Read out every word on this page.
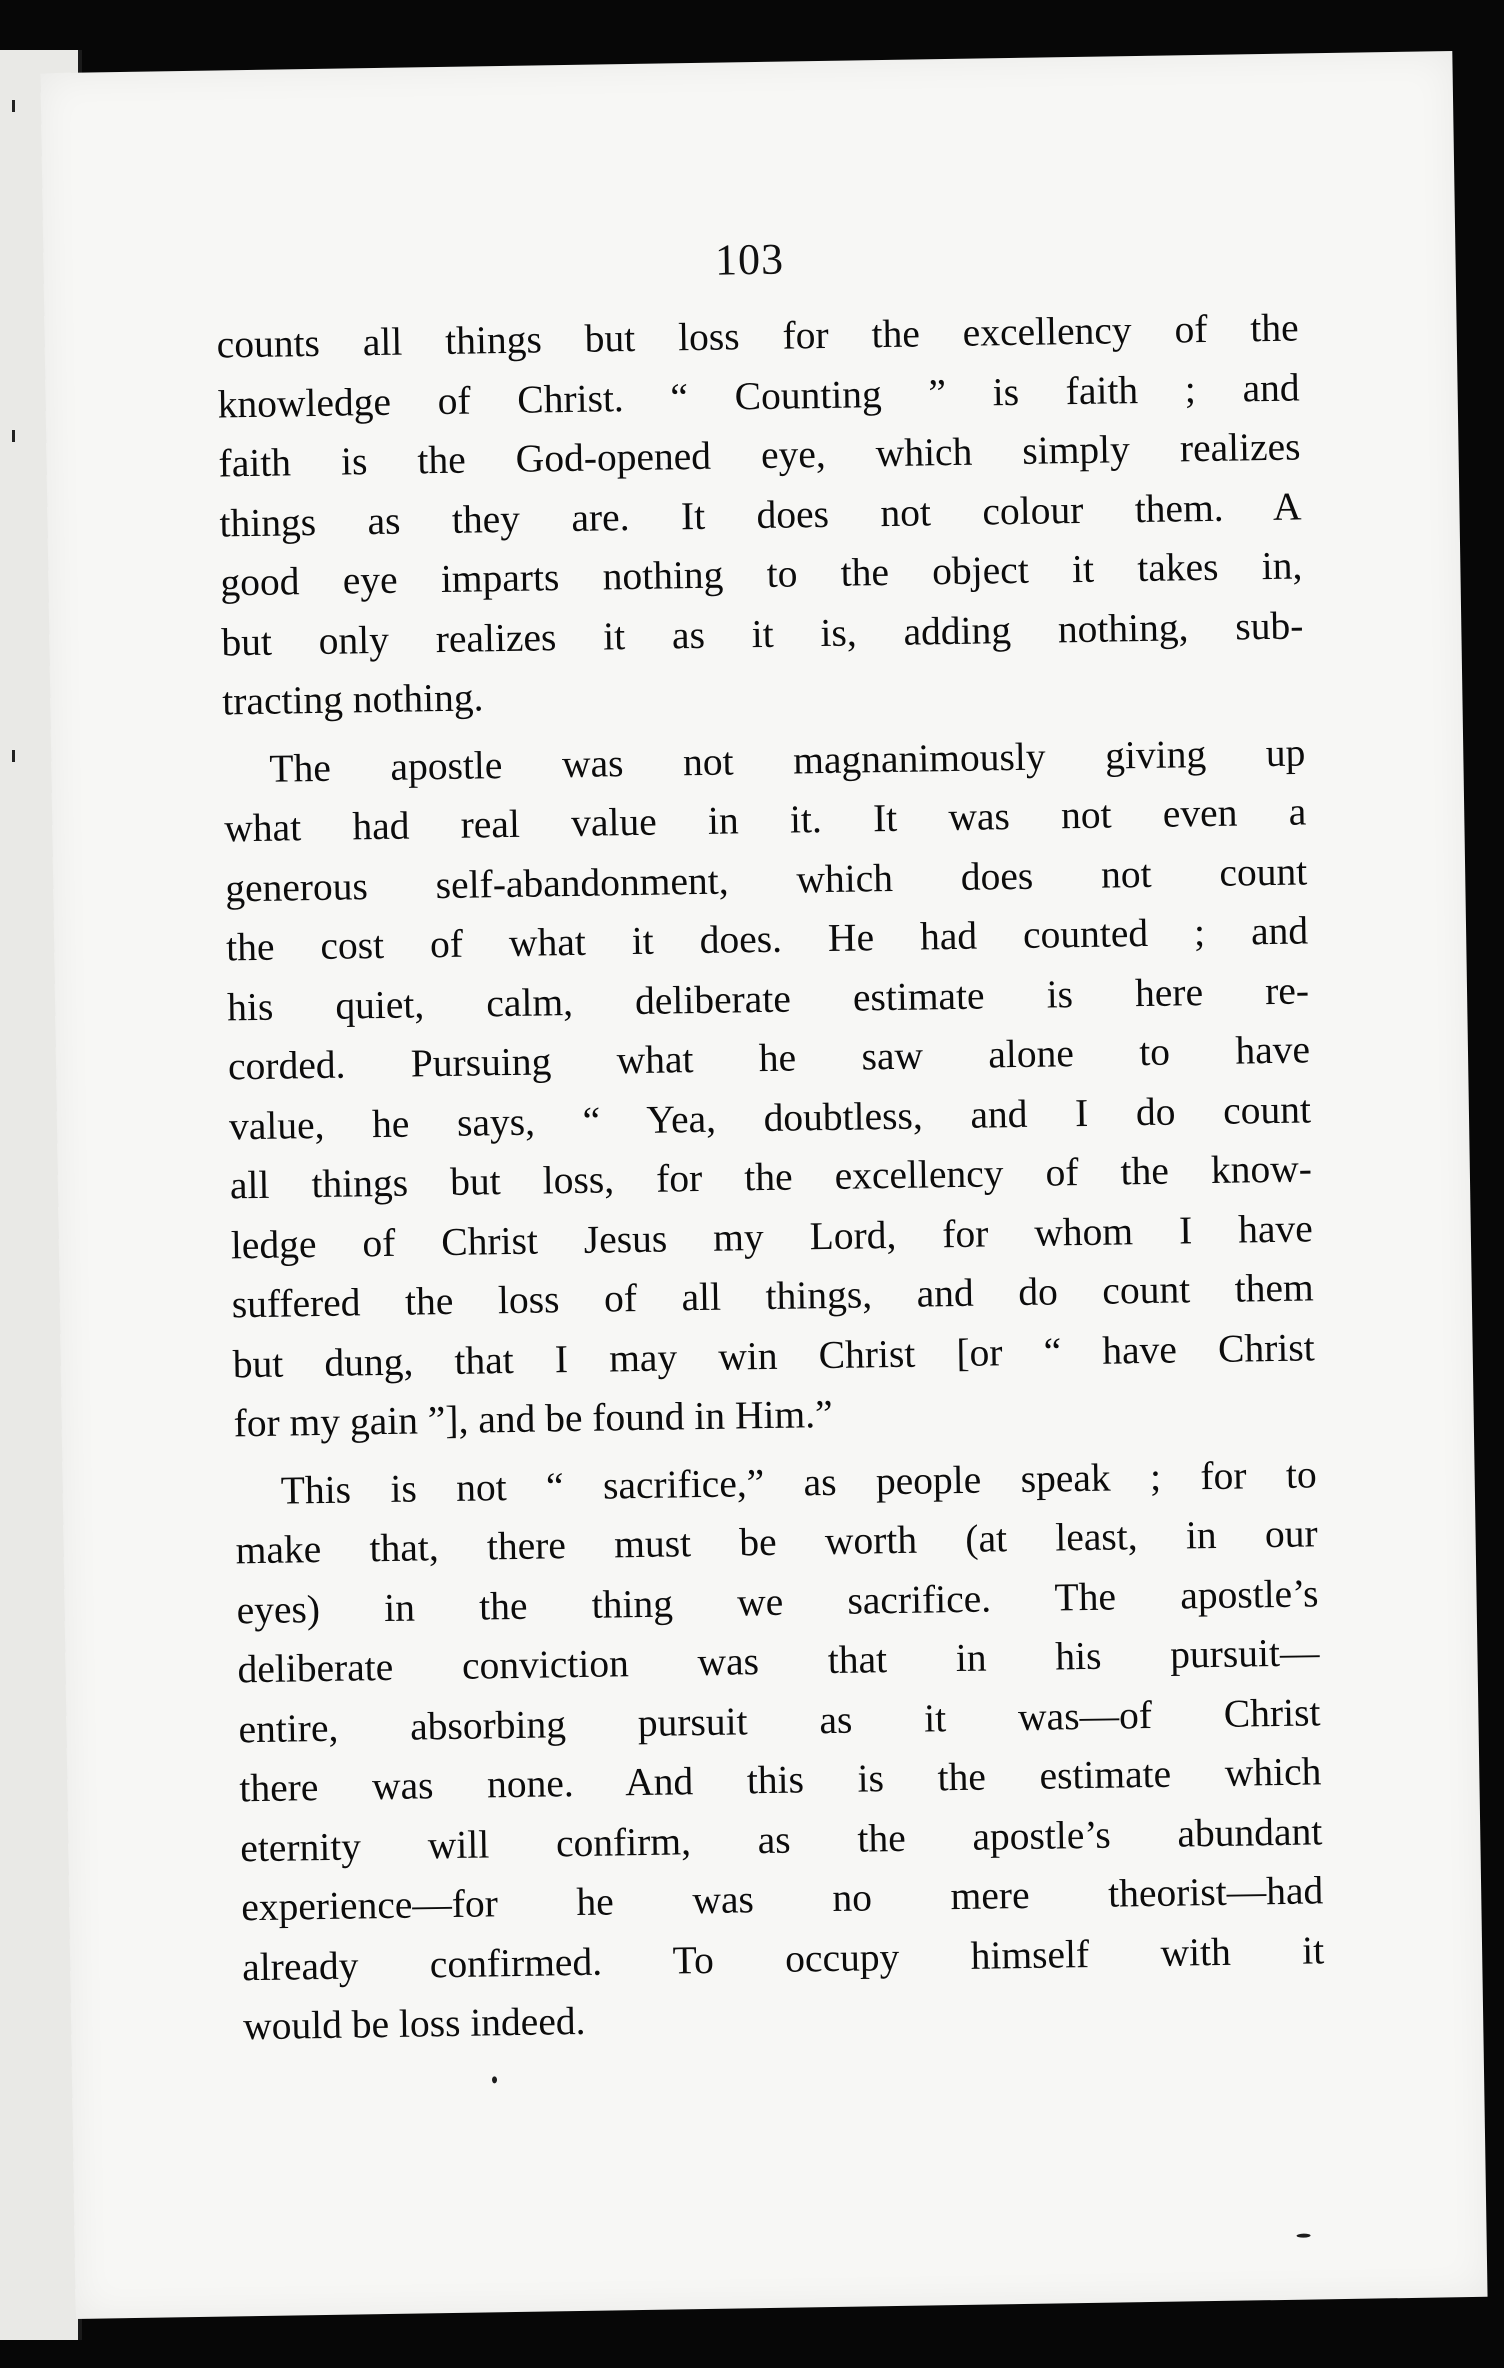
103

counts all things but loss for the excellency of the
knowledge of Christ. “ Counting ” is faith ; and
faith is the God-opened eye, which simply realizes
things as they are. It does not colour them. A
good eye imparts nothing to the object it takes in,
but only realizes it as it is, adding nothing, sub-
tracting nothing.

The apostle was not magnanimously giving up
what had real value in it. It was not even a
generous self-abandonment, which does not count
the cost of what it does. He had counted ; and
his quiet, calm, deliberate estimate is here re-
corded. Pursuing what he saw alone to have
value, he says, “ Yea, doubtless, and I do count
all things but loss, for the excellency of the know-
ledge of Christ Jesus my Lord, for whom I have
suffered the loss of all things, and do count them
but dung, that I may win Christ [or “ have Christ
for my gain ”], and be found in Him.”

This is not “ sacrifice,” as people speak ; for to
make that, there must be worth (at least, in our
eyes) in the thing we sacrifice. The apostle’s
deliberate conviction was that in his pursuit—
entire, absorbing pursuit as it was—of Christ
there was none. And this is the estimate which
eternity will confirm, as the apostle’s abundant
experience—for he was no mere theorist—had
already confirmed. To occupy himself with it
would be loss indeed.
